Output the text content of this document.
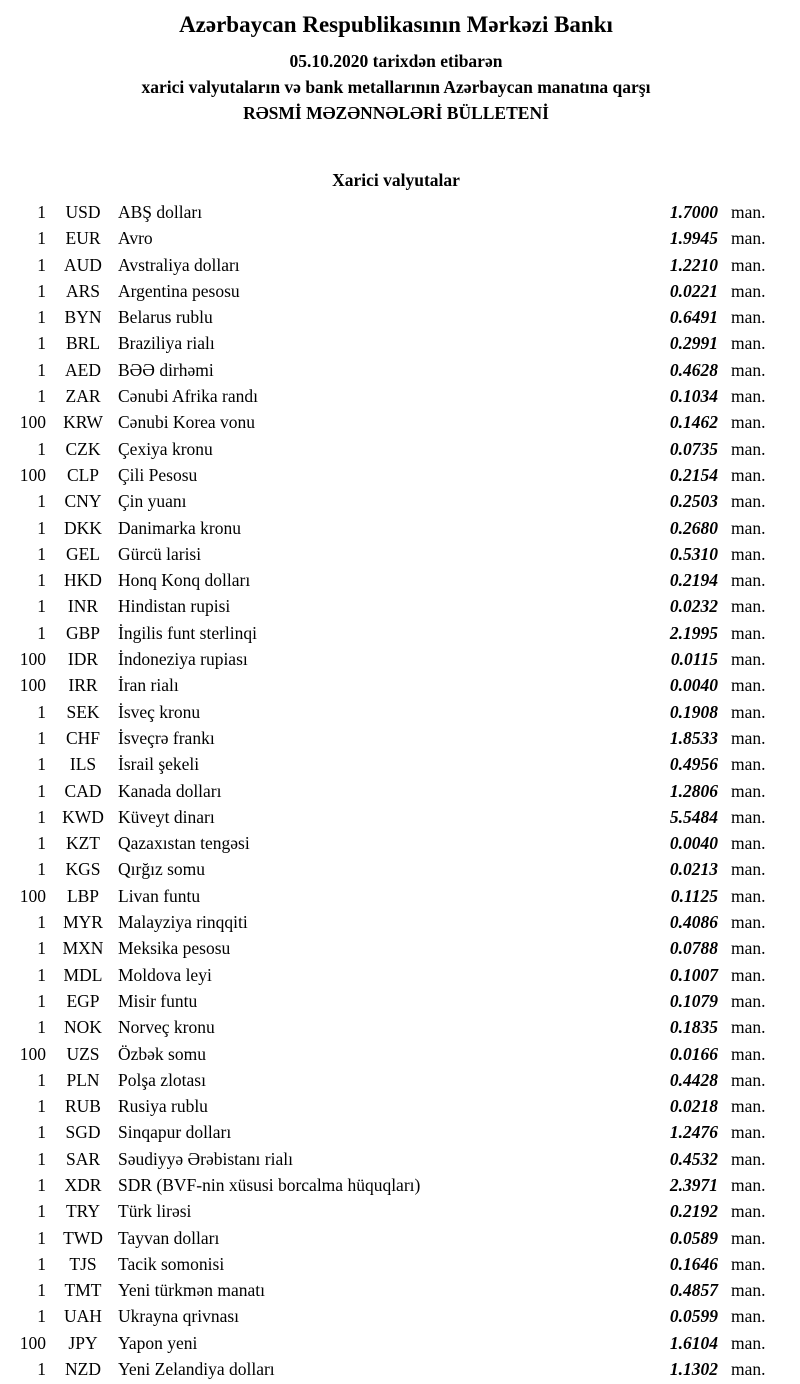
Azərbaycan Respublikasının Mərkəzi Bankı
05.10.2020 tarixdən etibarən
xarici valyutaların və bank metallarının Azərbaycan manatına qarşı
RƏSMİ MƏZƏNNƏLƏRİ BÜLLETENİ
Xarici valyutalar
1	USD	ABŞ dolları	1.7000 man.
1	EUR	Avro	1.9945 man.
1	AUD Avstraliya dolları	1.2210 man.
1	ARS	Argentina pesosu	0.0221 man.
1	BYN Belarus rublu	0.6491 man.
1	BRL	Braziliya rialı	0.2991 man.
1	AED BƏƏ dirhəmi	0.4628 man.
1	ZAR	Cənubi Afrika randı	0.1034 man.
100 KRW Cənubi Korea vonu	0.1462 man.
1	CZK	Çexiya kronu	0.0735 man.
100	CLP	Çili Pesosu	0.2154 man.
1	CNY Çin yuanı	0.2503 man.
1	DKK Danimarka kronu	0.2680 man.
1	GEL	Gürcü larisi	0.5310 man.
1	HKD Honq Konq dolları	0.2194 man.
1	INR	Hindistan rupisi	0.0232 man.
1	GBP	İngilis funt sterlinqi	2.1995 man.
100	IDR	İndoneziya rupiası	0.0115 man.
100	IRR	İran rialı	0.0040 man.
1	SEK	İsveç kronu	0.1908 man.
1	CHF	İsveçrə frankı	1.8533 man.
1	ILS	İsrail şekeli	0.4956 man.
1	CAD Kanada dolları	1.2806 man.
1 KWD Küveyt dinarı	5.5484 man.
1	KZT	Qazaxıstan tengəsi	0.0040 man.
1	KGS	Qırğız somu	0.0213 man.
100	LBP	Livan funtu	0.1125 man.
1 MYR Malayziya rinqqiti	0.4086 man.
1 MXN Meksika pesosu	0.0788 man.
1	MDL Moldova leyi	0.1007 man.
1	EGP	Misir funtu	0.1079 man.
1	NOK Norveç kronu	0.1835 man.
100	UZS	Özbək somu	0.0166 man.
1	PLN	Polşa zlotası	0.4428 man.
1	RUB Rusiya rublu	0.0218 man.
1	SGD	Sinqapur dolları	1.2476 man.
1	SAR	Səudiyyə Ərəbistanı rialı	0.4532 man.
1	XDR SDR (BVF-nin xüsusi borcalma hüquqları)	2.3971 man.
1	TRY	Türk lirəsi	0.2192 man.
1 TWD Tayvan dolları	0.0589 man.
1	TJS	Tacik somonisi	0.1646 man.
1	TMT Yeni türkmən manatı	0.4857 man.
1	UAH Ukrayna qrivnası	0.0599 man.
100	JPY	Yapon yeni	1.6104 man.
1	NZD Yeni Zelandiya dolları	1.1302 man.
